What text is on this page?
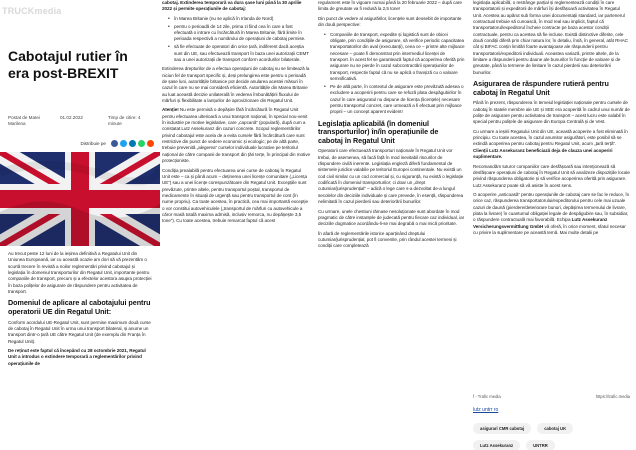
TRUCKmedia
Cabotajul rutier în era post-BREXIT
Postat de Matei Marilena
01.02.2022	Timp de citire: 4 minute
Distribuie pe

Au trecut peste 12 luni de la ieșirea definitivă a Regatului Unit din Uniunea Europeană, iar cu această ocazie am dori să vă prezentăm o scurtă trecere în revistă a noilor reglementări privind cabotajul și legislația în domeniul transporturilor din Regatul Unit, importante pentru companiile de transport, precum și a efectelor acestora asupra protecției în baza polițelor de asigurare de răspundere pentru activitatea de transport.

Domeniul de aplicare al cabotajului pentru operatorii UE din Regatul Unit:

Conform acordului UE-Regatul Unit, sunt permise maximum două curse de cabotaj în Regatul Unit în urma unui transport bilateral, și anume un transport dintr-o țară UE către Regatul Unit (de exemplu din Franța în Regatul Unit).

De reținut este faptul că începând cu 28 octombrie 2021, Regatul Unit a introdus o extindere temporară a reglementărilor privind operațiunile de

cabotaj. Extinderea temporară va dura șase luni până la 30 aprilie 2022 și permite operațiunile de cabotaj:

• în Marea Britanie (nu se aplică în Irlanda de Nord)
• pentru o perioadă de 14 zile, prima zi fiind cea în care a fost efectuată o intrare cu încărcătură în Marea Britanie, fără limite în perioada respectivă a numărului de operațiuni de cabotaj permise.
• să fie efectuate de operatori din orice țară, indiferent dacă aceștia sunt din UE, sau efectuează transport în baza unei autorizații CEMT sau a unei autorizații de transport conform acordurilor bilaterale.

Extinderea drepturilor de a efectua operațiuni de cabotaj nu se limitează la niciun fel de transport specific și, deși prelungirea este pentru o perioadă de șase luni, autoritățile britanice pot decide anularea acestei măsuri în cazul în care nu se mai consideră eficientă. Autoritățile din Marea Britanie au luat această decizie unilaterală în vederea îmbunătățirii fluxului de mărfuri și flexibilitate a lanțurilor de aprovizionare din Regatul Unit.

Atenție! Nu este permisă o depășire fără încărcătură în Regatul Unit pentru efectuarea ulterioară a unui transport național, în special nou-venit în industrie pe motive legislative, care „capcană” (populară), după cum a constatat Lutz Assekuranz din cazuri concrete. Scopul reglementărilor privind cabotajul este acela de a evita cursele fără încărcătură care sunt restrictive din punct de vedere economic și ecologic; pe de altă parte, trebuie prevenită „alegerea” curselor individuale lucrative pe teritoriul național de către companii de transport din țări terțe, în principal din motive protecționiste.

Condiția prealabilă pentru efectuarea unei curse de cabotaj în Regatul Unit este – ca și până acum – deținerea unei licențe comunitare („Licența UE”) sau a unei licențe corespunzătoare din Regatul Unit. Excepțiile sunt prevăzute, printre altele, pentru transportul poștal, transportul de medicamente în situații de urgență sau pentru transportul de cont (în nume propriu). Ca toate acestea, în practică, cea mai importantă excepție o vor constitui autovehiculele („transportul de mărfuri cu autovehicule a căror masă totală maxima admisă, inclusiv remorca, nu depășește 3,5 tone”). Cu toate acestea, trebuie remarcat faptul că acest

regulament este în vigoare numai până la 20 februarie 2022 – după care limita de greutate va fi redusă la 2,5 tone!

Din punct de vedere al asigurărilor, licențele sunt deosebit de importante din două perspective:

• Companiile de transport, expedite și logistică sunt de obicei obligate, prin condițiile de asigurare, să verifice periodic capacitatea transportatorilor din aval (executanți), ceea ce – printre alte mijloace necesare – poate fi demonstrat prin intermediul licenței de transport. În acest fel se garantează faptul că acoperirea oferită prin asigurare nu se pierde în cazul subcontractării operațiunilor de transport, respectiv faptul că nu se aplică o franșiză cu o valoare semnificativă.
• Pe de altă parte, în contextul de asigurare este prevăzută adesea o excludere a acoperirii pentru care se refuză plata despăgubirilor în cazul în care asiguratul nu dispune de licența (licențele) necesare pentru transportul concret, care urmează a fi efectuat prin mijloace proprii – un concept aparent evident!
Legislația aplicabilă (în domeniul transporturilor) în/în operațiunile de cabotaj în Regatul Unit

Operatorii care efectuează transporturi naționale în Regatul Unit vor trebui, de asemenea, să facă față în mod inevitabil riscurilor de răspundere civilă inerente. Legislația engleză diferă fundamental de sistemele juridice valabile pe teritoriul Europei continentale. Nu există un cod civil similar cu un cod comercial și, cu siguranță, nu există o legislație codificată în domeniul transporturilor; ci doar un „drept cutumiar/jurisprudențial” – adică o lege care s-a dezvoltat de-a lungul secolelor din deciziile individuale și care prevede, în esență, răspunderea nelimitată în cazul pierderii sau deteriorării bunurilor.

Cu urmare, unele chestiuni rămase nesoluționate sunt abordate în mod pragmatic de către instanțele de judecată pentru fiecare caz individual, iar deciziile dogmatice acordându-li-se mai degrabă o mai mică prioritate.

În afară de reglementările istorice aparținând dreptului cutumiar/jurisprudențial, pot fi convenite, prin rândul acestei termeni și condiții care completează

legislația aplicabilă, o restrânge parțial și reglementează condiții în care transportatorii și expeditorii de mărfuri își desfășoară activitatea în Regatul Unit. Acestea au apărut sub forma unei documentații standard, iar partenerul contractual trebuie să cunoască, în mod real sau implicit, faptul că transportatorul/expeditorul încheie contracte pe baza acestor condiții contractuale, pentru ca acestea să fie incluse. Există distinctive diferite, cele două condiții diferă prin chiar natura lor, în detaliu, însă, în general, atât RHAC cât și BIFAC conțin limitări foarte avantajoase ale răspunderii pentru transportatorii/expeditorii individuali. Aceastea variază, printre altele, de la limitare a răspunderii pentru daune ale bunurilor în funcție de valoare și de greutate, până la termene de limitare în cazul pierderii sau deteriorării bunurilor.

Asigurarea de răspundere rutieră pentru cabotaj în Regatul Unit

Până în prezent, răspunderea în temeiul legislației naționale pentru cursele de cabotaj în statele membre ale UE și SEE era acoperită în cadrul unui număr de polițe de asigurare pentru activitatea de transport – acest lucru este valabil în special pentru polițele de asigurare din Europa Centrală și de Vest.

Cu urmare a ieșirii Regatului Unit din UE, această acoperire a fost eliminată în principiu. Cu toate acestea, în cazul anumitor asigurători, este posibil să se extindă acoperirea pentru cabotaj pentru Regatul Unit, acum „țară terță”. Clienții Lutz Assekuranz beneficiază deja de clauza unei acoperiri suplimentare.

Recomandăm tuturor companiilor care desfășoară sau intenționează să desfășoare operațiuni de cabotaj în Regatul Unit să analizeze dispozițiile locale privind răspunderea obligatorie și să verifice acoperirea oferită prin asigurare. Lutz Assekuranz poate să vă asiste în acest sens.

O acoperire „anticoasă” pentru operațiunile de cabotaj care se fac le reduce, în orice caz, răspunderea transportatorului/expeditorului pentru cele mai uzuale cazuri de daună (pierdere/deteriorare bunuri, depășirea termenului de livrare, plata la livrare) în cuantumul obligației legale de despăgubire sau, în subsidiar, o răspundere contractuală mai favorabilă. Echipa Lutz Assekuranz Versicherungsvermittlung GmbH vă oferă, în orice moment, sfatul necesar cu privire la suplimentare pe această temă. Mai multe detalii pe

f - Trafic media	https://trafic.media
lutz untrr ro
asigurari CMR cabotaj	cabotaj UK
Lutz Assekuranz	UNTRR
